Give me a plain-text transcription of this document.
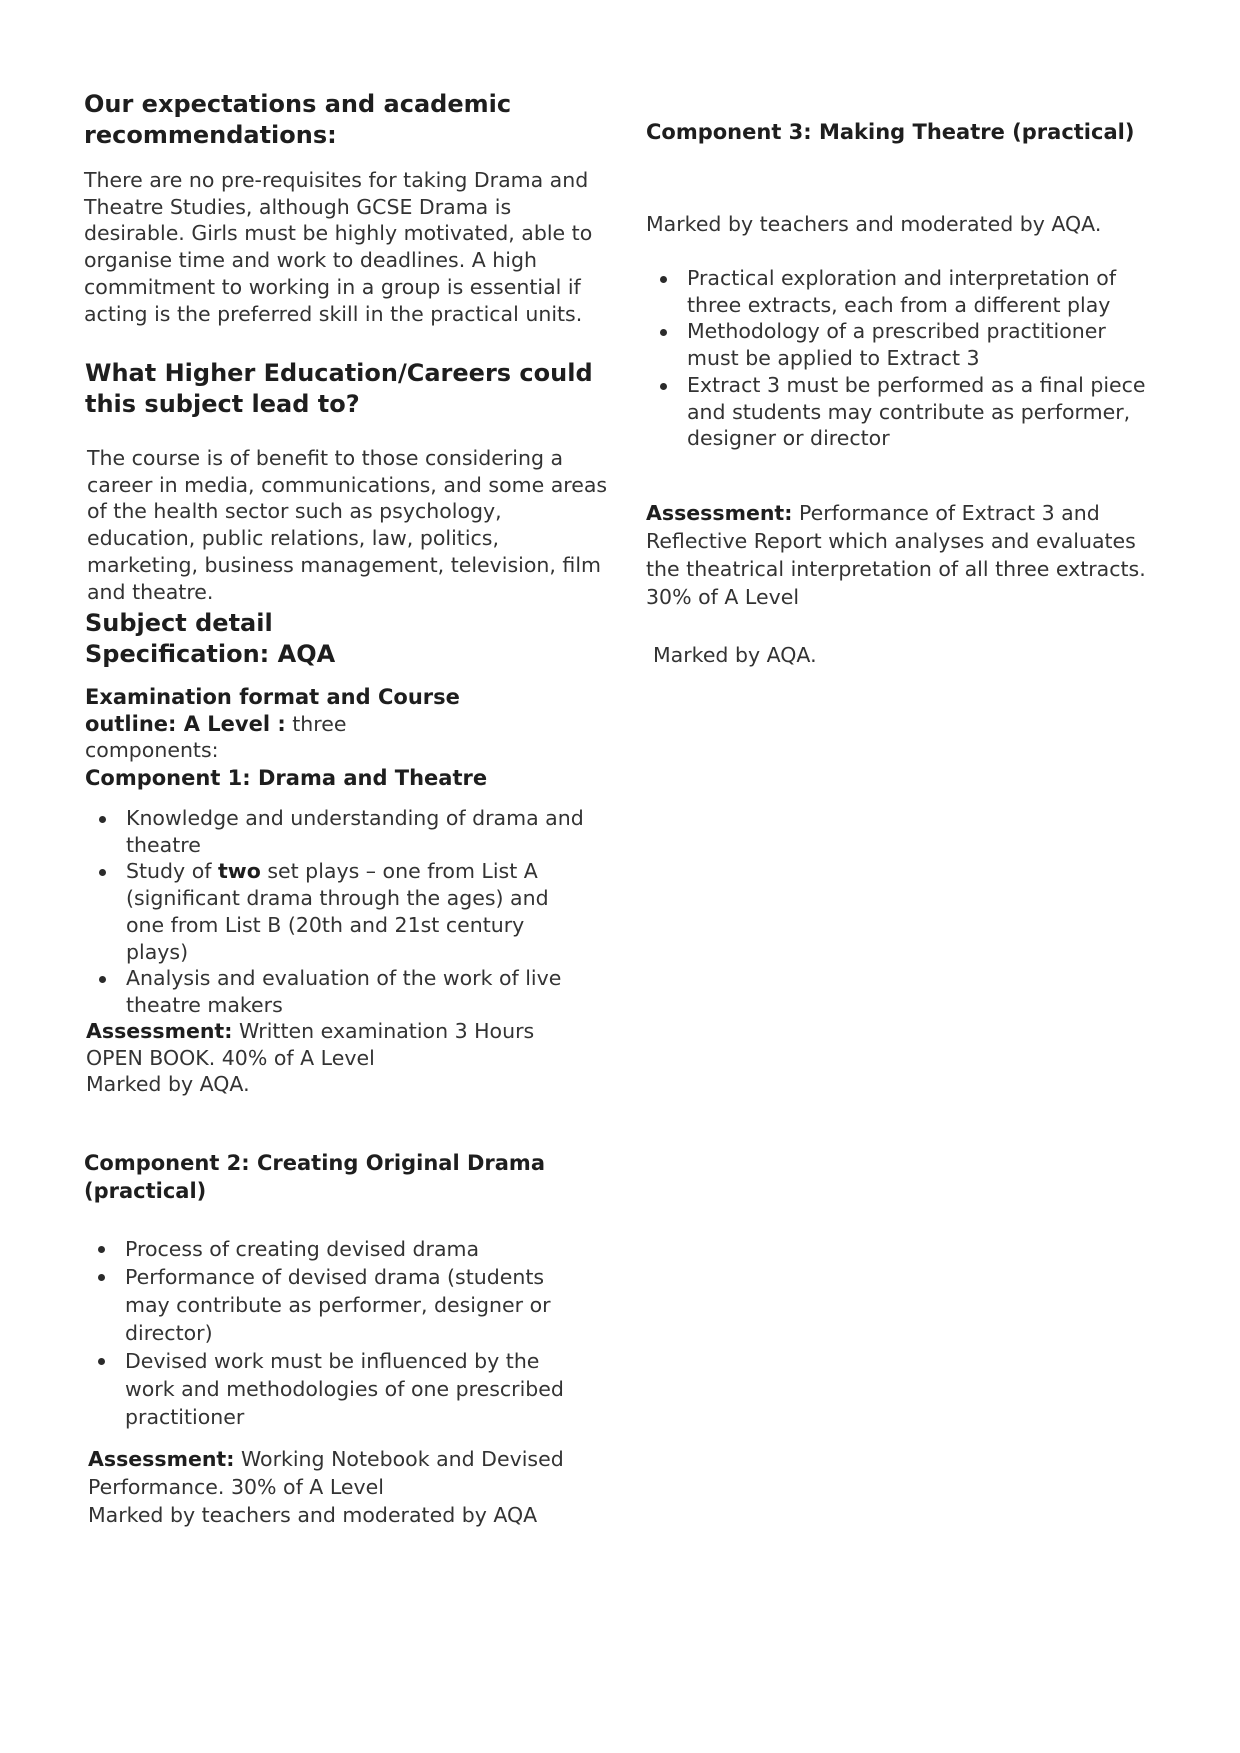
Our expectations and academic recommendations:

There are no pre-requisites for taking Drama and Theatre Studies, although GCSE Drama is desirable. Girls must be highly motivated, able to organise time and work to deadlines. A high commitment to working in a group is essential if acting is the preferred skill in the practical units.

What Higher Education/Careers could this subject lead to?

The course is of benefit to those considering a career in media, communications, and some areas of the health sector such as psychology, education, public relations, law, politics, marketing, business management, television, film and theatre.

Subject detail
Specification: AQA

Examination format and Course outline: A Level : three components:

Component 1: Drama and Theatre
Knowledge and understanding of drama and theatre
Study of two set plays – one from List A (significant drama through the ages) and one from List B (20th and 21st century plays)
Analysis and evaluation of the work of live theatre makers
Assessment: Written examination 3 Hours
OPEN BOOK. 40% of A Level
Marked by AQA.
Component 2: Creating Original Drama (practical)
Process of creating devised drama
Performance of devised drama (students may contribute as performer, designer or director)
Devised work must be influenced by the work and methodologies of one prescribed practitioner
Assessment: Working Notebook and Devised
Performance. 30% of A Level
Marked by teachers and moderated by AQA
Component 3: Making Theatre (practical)

Marked by teachers and moderated by AQA.

Practical exploration and interpretation of three extracts, each from a different play
Methodology of a prescribed practitioner must be applied to Extract 3
Extract 3 must be performed as a final piece and students may contribute as performer, designer or director

Assessment: Performance of Extract 3 and Reflective Report which analyses and evaluates the theatrical interpretation of all three extracts. 30% of A Level

Marked by AQA.
